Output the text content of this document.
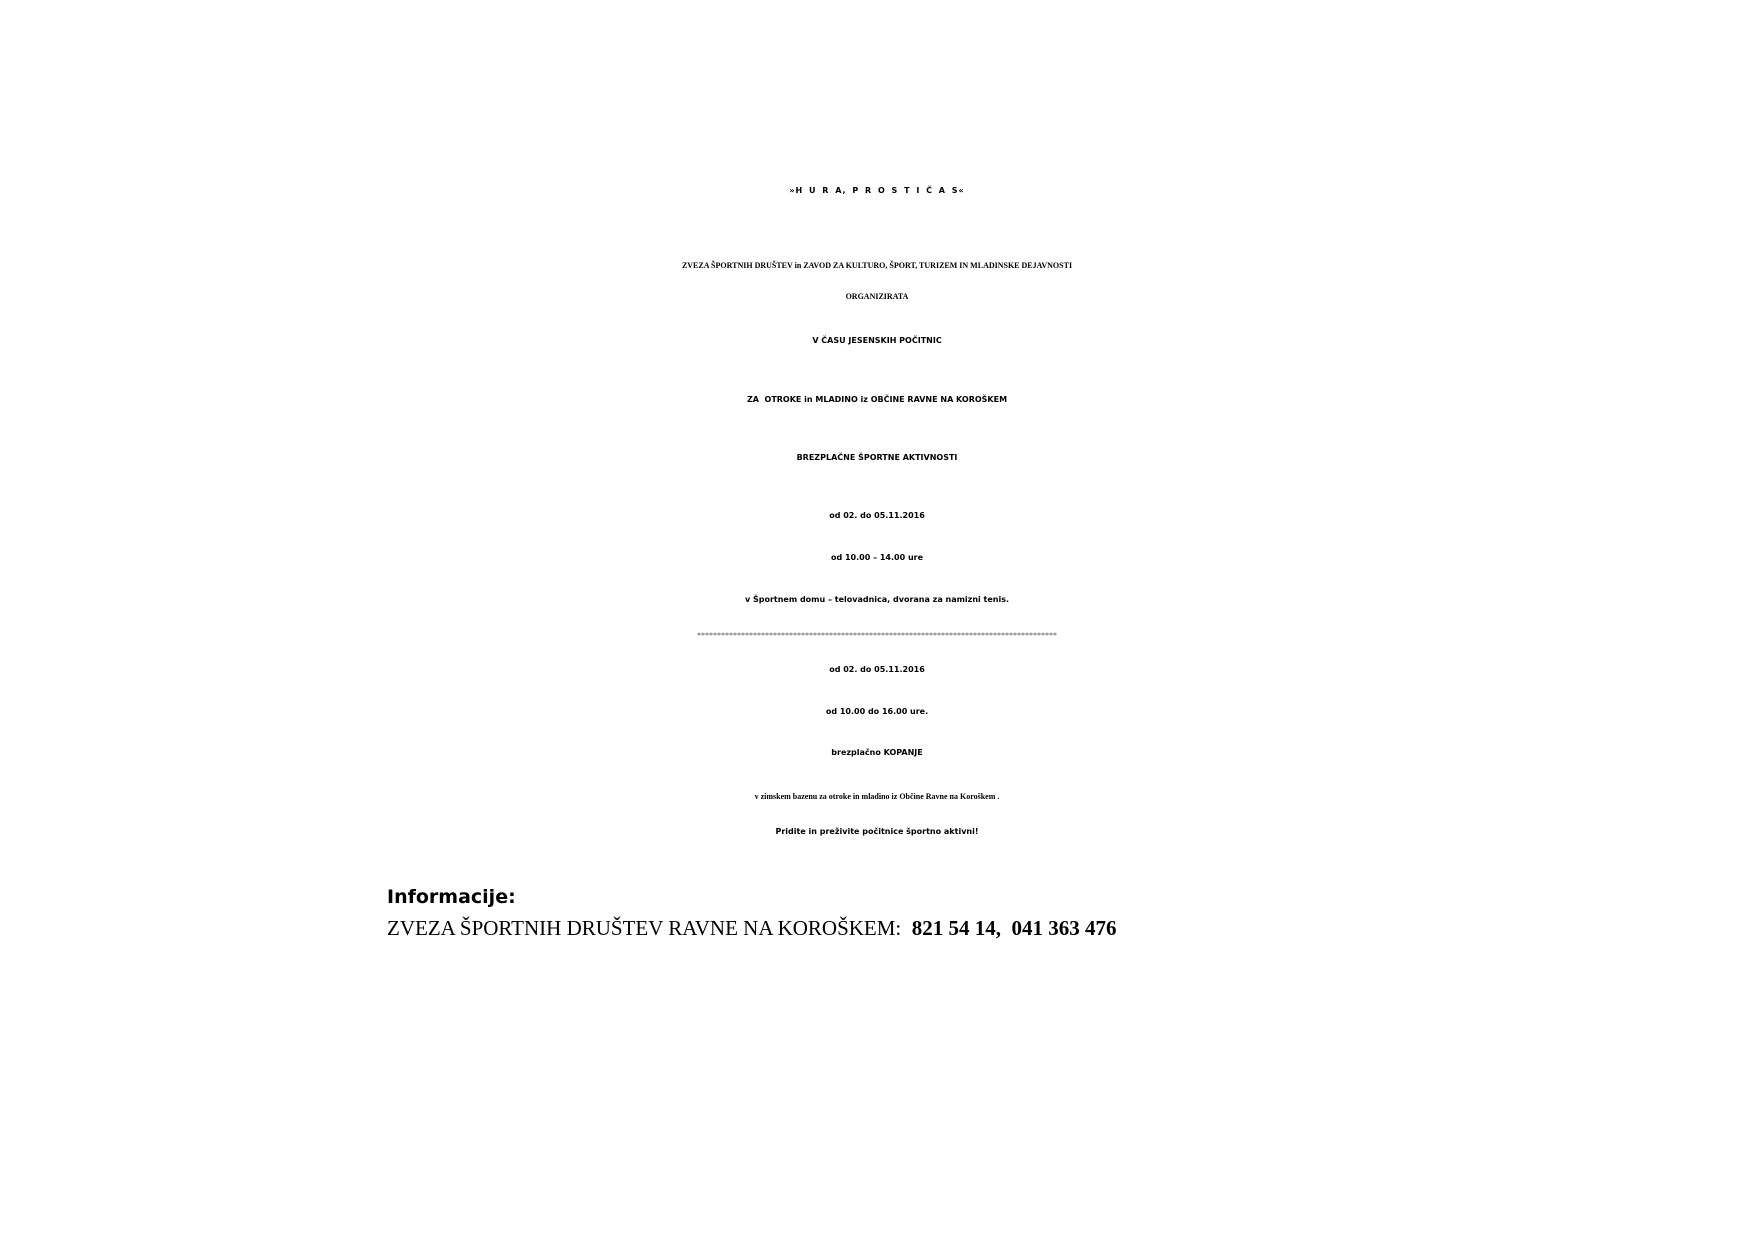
»H U R A, P R O S T I Č A S«

ZVEZA ŠPORTNIH DRUŠTEV in ZAVOD ZA KULTURO, ŠPORT, TURIZEM IN MLADINSKE DEJAVNOSTI

ORGANIZIRATA

V ČASU JESENSKIH POČITNIC

ZA  OTROKE in MLADINO iz OBČINE RAVNE NA KOROŠKEM

BREZPLAČNE ŠPORTNE AKTIVNOSTI

od 02. do 05.11.2016

od 10.00 – 14.00 ure

v Športnem domu – telovadnica, dvorana za namizni tenis.

******************************************************************************************

od 02. do 05.11.2016

od 10.00 do 16.00 ure.

brezplačno KOPANJE

v zimskem bazenu za otroke in mladino iz Občine Ravne na Koroškem .

Pridite in preživite počitnice športno aktivni!

Informacije:

ZVEZA ŠPORTNIH DRUŠTEV RAVNE NA KOROŠKEM:  821 54 14,  041 363 476
